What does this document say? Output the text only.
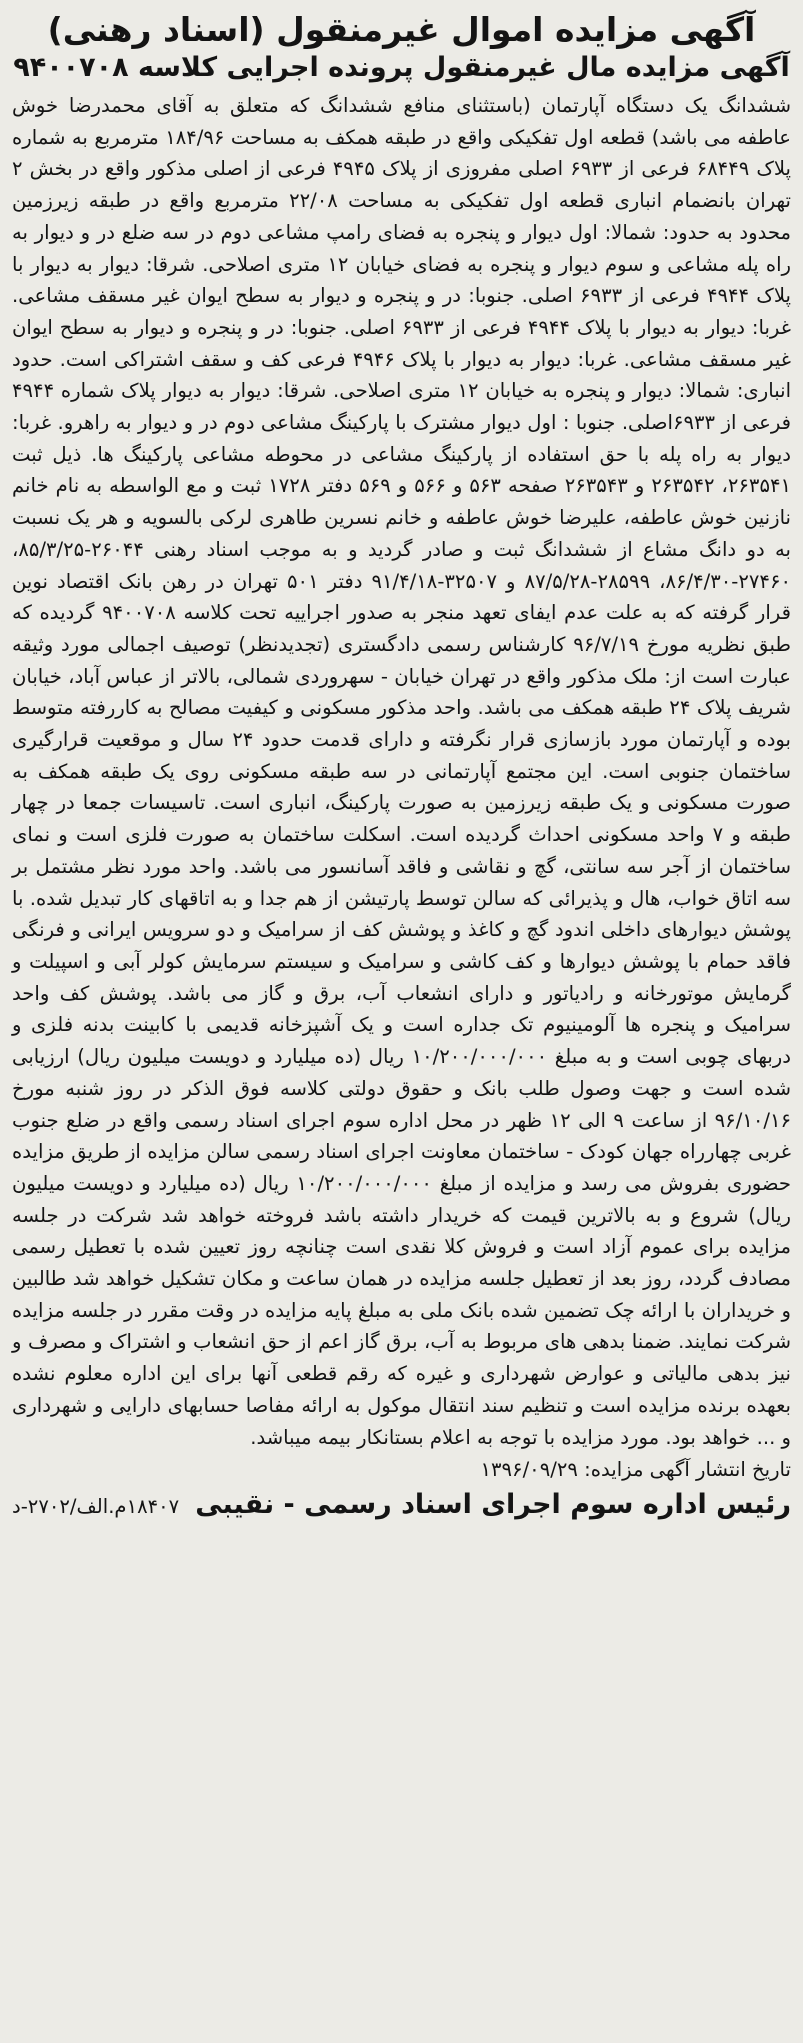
آگهی مزایده اموال غیرمنقول (اسناد رهنی)
آگهی مزایده مال غیرمنقول پرونده اجرایی کلاسه ۹۴۰۰۷۰۸

ششدانگ یک دستگاه آپارتمان (باستثنای منافع ششدانگ که متعلق به آقای محمدرضا خوش عاطفه می باشد) قطعه اول تفکیکی واقع در طبقه همکف به مساحت ۱۸۴/۹۶ مترمربع به شماره پلاک ۶۸۴۴۹ فرعی از ۶۹۳۳ اصلی مفروزی از پلاک ۴۹۴۵ فرعی از اصلی مذکور واقع در بخش ۲ تهران بانضمام انباری قطعه اول تفکیکی به مساحت ۲۲/۰۸ مترمربع واقع در طبقه زیرزمین محدود به حدود: شمالا: اول دیوار و پنجره به فضای رامپ مشاعی دوم در سه ضلع در و دیوار به راه پله مشاعی و سوم دیوار و پنجره به فضای خیابان ۱۲ متری اصلاحی. شرقا: دیوار به دیوار با پلاک ۴۹۴۴ فرعی از ۶۹۳۳ اصلی. جنوبا: در و پنجره و دیوار به سطح ایوان غیر مسقف مشاعی. غربا: دیوار به دیوار با پلاک ۴۹۴۴ فرعی از ۶۹۳۳ اصلی. جنوبا: در و پنجره و دیوار به سطح ایوان غیر مسقف مشاعی. غربا: دیوار به دیوار با پلاک ۴۹۴۶ فرعی کف و سقف اشتراکی است. حدود انباری: شمالا: دیوار و پنجره به خیابان ۱۲ متری اصلاحی. شرقا: دیوار به دیوار پلاک شماره ۴۹۴۴ فرعی از ۶۹۳۳اصلی. جنوبا : اول دیوار مشترک با پارکینگ مشاعی دوم در و دیوار به راهرو. غربا: دیوار به راه پله با حق استفاده از پارکینگ مشاعی در محوطه مشاعی پارکینگ ها. ذیل ثبت ۲۶۳۵۴۱، ۲۶۳۵۴۲ و ۲۶۳۵۴۳ صفحه ۵۶۳ و ۵۶۶ و ۵۶۹ دفتر ۱۷۲۸ ثبت و مع الواسطه به نام خانم نازنین خوش عاطفه، علیرضا خوش عاطفه و خانم نسرین طاهری لرکی بالسویه و هر یک نسبت به دو دانگ مشاع از ششدانگ ثبت و صادر گردید و به موجب اسناد رهنی ۲۶۰۴۴-۸۵/۳/۲۵، ۲۷۴۶۰-۸۶/۴/۳۰، ۲۸۵۹۹-۸۷/۵/۲۸ و ۳۲۵۰۷-۹۱/۴/۱۸ دفتر ۵۰۱ تهران در رهن بانک اقتصاد نوین قرار گرفته که به علت عدم ایفای تعهد منجر به صدور اجراییه تحت کلاسه ۹۴۰۰۷۰۸ گردیده که طبق نظریه مورخ ۹۶/۷/۱۹ کارشناس رسمی دادگستری (تجدیدنظر) توصیف اجمالی مورد وثیقه عبارت است از: ملک مذکور واقع در تهران خیابان - سهروردی شمالی، بالاتر از عباس آباد، خیابان شریف پلاک ۲۴ طبقه همکف می باشد. واحد مذکور مسکونی و کیفیت مصالح به کاررفته متوسط بوده و آپارتمان مورد بازسازی قرار نگرفته و دارای قدمت حدود ۲۴ سال و موقعیت قرارگیری ساختمان جنوبی است. این مجتمع آپارتمانی در سه طبقه مسکونی روی یک طبقه همکف به صورت مسکونی و یک طبقه زیرزمین به صورت پارکینگ، انباری است. تاسیسات جمعا در چهار طبقه و ۷ واحد مسکونی احداث گردیده است. اسکلت ساختمان به صورت فلزی است و نمای ساختمان از آجر سه سانتی، گچ و نقاشی و فاقد آسانسور می باشد. واحد مورد نظر مشتمل بر سه اتاق خواب، هال و پذیرائی که سالن توسط پارتیشن از هم جدا و به اتاقهای کار تبدیل شده. با پوشش دیوارهای داخلی اندود گچ و کاغذ و پوشش کف از سرامیک و دو سرویس ایرانی و فرنگی فاقد حمام با پوشش دیوارها و کف کاشی و سرامیک و سیستم سرمایش کولر آبی و اسپیلت و گرمایش موتورخانه و رادیاتور و دارای انشعاب آب، برق و گاز می باشد. پوشش کف واحد سرامیک و پنجره ها آلومینیوم تک جداره است و یک آشپزخانه قدیمی با کابینت بدنه فلزی و دربهای چوبی است و به مبلغ ۱۰/۲۰۰/۰۰۰/۰۰۰ ریال (ده میلیارد و دویست میلیون ریال) ارزیابی شده است و جهت وصول طلب بانک و حقوق دولتی کلاسه فوق الذکر در روز شنبه مورخ ۹۶/۱۰/۱۶ از ساعت ۹ الی ۱۲ ظهر در محل اداره سوم اجرای اسناد رسمی واقع در ضلع جنوب غربی چهارراه جهان کودک - ساختمان معاونت اجرای اسناد رسمی سالن مزایده از طریق مزایده حضوری بفروش می رسد و مزایده از مبلغ ۱۰/۲۰۰/۰۰۰/۰۰۰ ریال (ده میلیارد و دویست میلیون ریال) شروع و به بالاترین قیمت که خریدار داشته باشد فروخته خواهد شد شرکت در جلسه مزایده برای عموم آزاد است و فروش کلا نقدی است چنانچه روز تعیین شده با تعطیل رسمی مصادف گردد، روز بعد از تعطیل جلسه مزایده در همان ساعت و مکان تشکیل خواهد شد طالبین و خریداران با ارائه چک تضمین شده بانک ملی به مبلغ پایه مزایده در وقت مقرر در جلسه مزایده شرکت نمایند. ضمنا بدهی های مربوط به آب، برق گاز اعم از حق انشعاب و اشتراک و مصرف و نیز بدهی مالیاتی و عوارض شهرداری و غیره که رقم قطعی آنها برای این اداره معلوم نشده بعهده برنده مزایده است و تنظیم سند انتقال موکول به ارائه مفاصا حسابهای دارایی و شهرداری و ... خواهد بود. مورد مزایده با توجه به اعلام بستانکار بیمه میباشد.

تاریخ انتشار آگهی مزایده: ۱۳۹۶/۰۹/۲۹
رئیس اداره سوم اجرای اسناد رسمی - نقیبی
۱۸۴۰۷م.الف/۲۷۰۲-د
